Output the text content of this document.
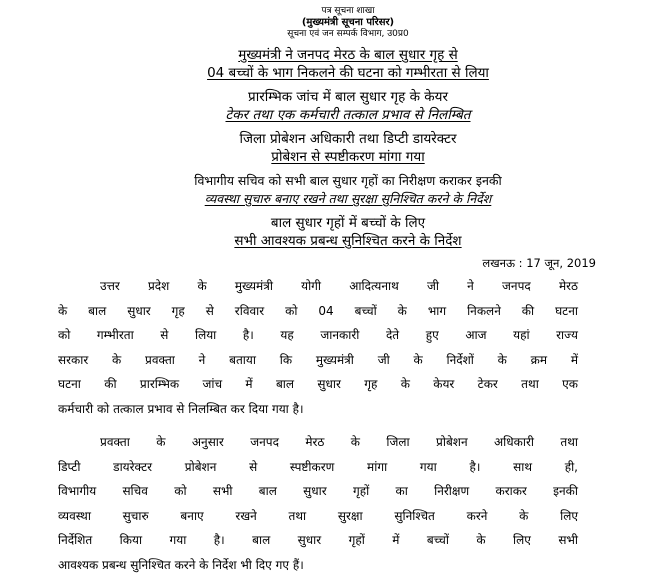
पत्र सूचना शाखा
(मुख्यमंत्री सूचना परिसर)
सूचना एवं जन सम्पर्क विभाग, उ0प्र0
मुख्यमंत्री ने जनपद मेरठ के बाल सुधार गृह से
04 बच्चों के भाग निकलने की घटना को गम्भीरता से लिया
प्रारम्भिक जांच में बाल सुधार गृह के केयर
टेकर तथा एक कर्मचारी तत्काल प्रभाव से निलम्बित
जिला प्रोबेशन अधिकारी तथा डिप्टी डायरेक्टर
प्रोबेशन से स्पष्टीकरण मांगा गया
विभागीय सचिव को सभी बाल सुधार गृहों का निरीक्षण कराकर इनकी
व्यवस्था सुचारु बनाए रखने तथा सुरक्षा सुनिश्चित करने के निर्देश
बाल सुधार गृहों में बच्चों के लिए
सभी आवश्यक प्रबन्ध सुनिश्चित करने के निर्देश
लखनऊ : 17 जून, 2019
उत्तर प्रदेश के मुख्यमंत्री योगी आदित्यनाथ जी ने जनपद मेरठ
के बाल सुधार गृह से रविवार को 04 बच्चों के भाग निकलने की घटना
को गम्भीरता से लिया है। यह जानकारी देते हुए आज यहां राज्य
सरकार के प्रवक्ता ने बताया कि मुख्यमंत्री जी के निर्देशों के क्रम में
घटना की प्रारम्भिक जांच में बाल सुधार गृह के केयर टेकर तथा एक
कर्मचारी को तत्काल प्रभाव से निलम्बित कर दिया गया है।
प्रवक्ता के अनुसार जनपद मेरठ के जिला प्रोबेशन अधिकारी तथा
डिप्टी डायरेक्टर प्रोबेशन से स्पष्टीकरण मांगा गया है। साथ ही,
विभागीय सचिव को सभी बाल सुधार गृहों का निरीक्षण कराकर इनकी
व्यवस्था सुचारु बनाए रखने तथा सुरक्षा सुनिश्चित करने के लिए
निर्देशित किया गया है। बाल सुधार गृहों में बच्चों के लिए सभी
आवश्यक प्रबन्ध सुनिश्चित करने के निर्देश भी दिए गए हैं।
